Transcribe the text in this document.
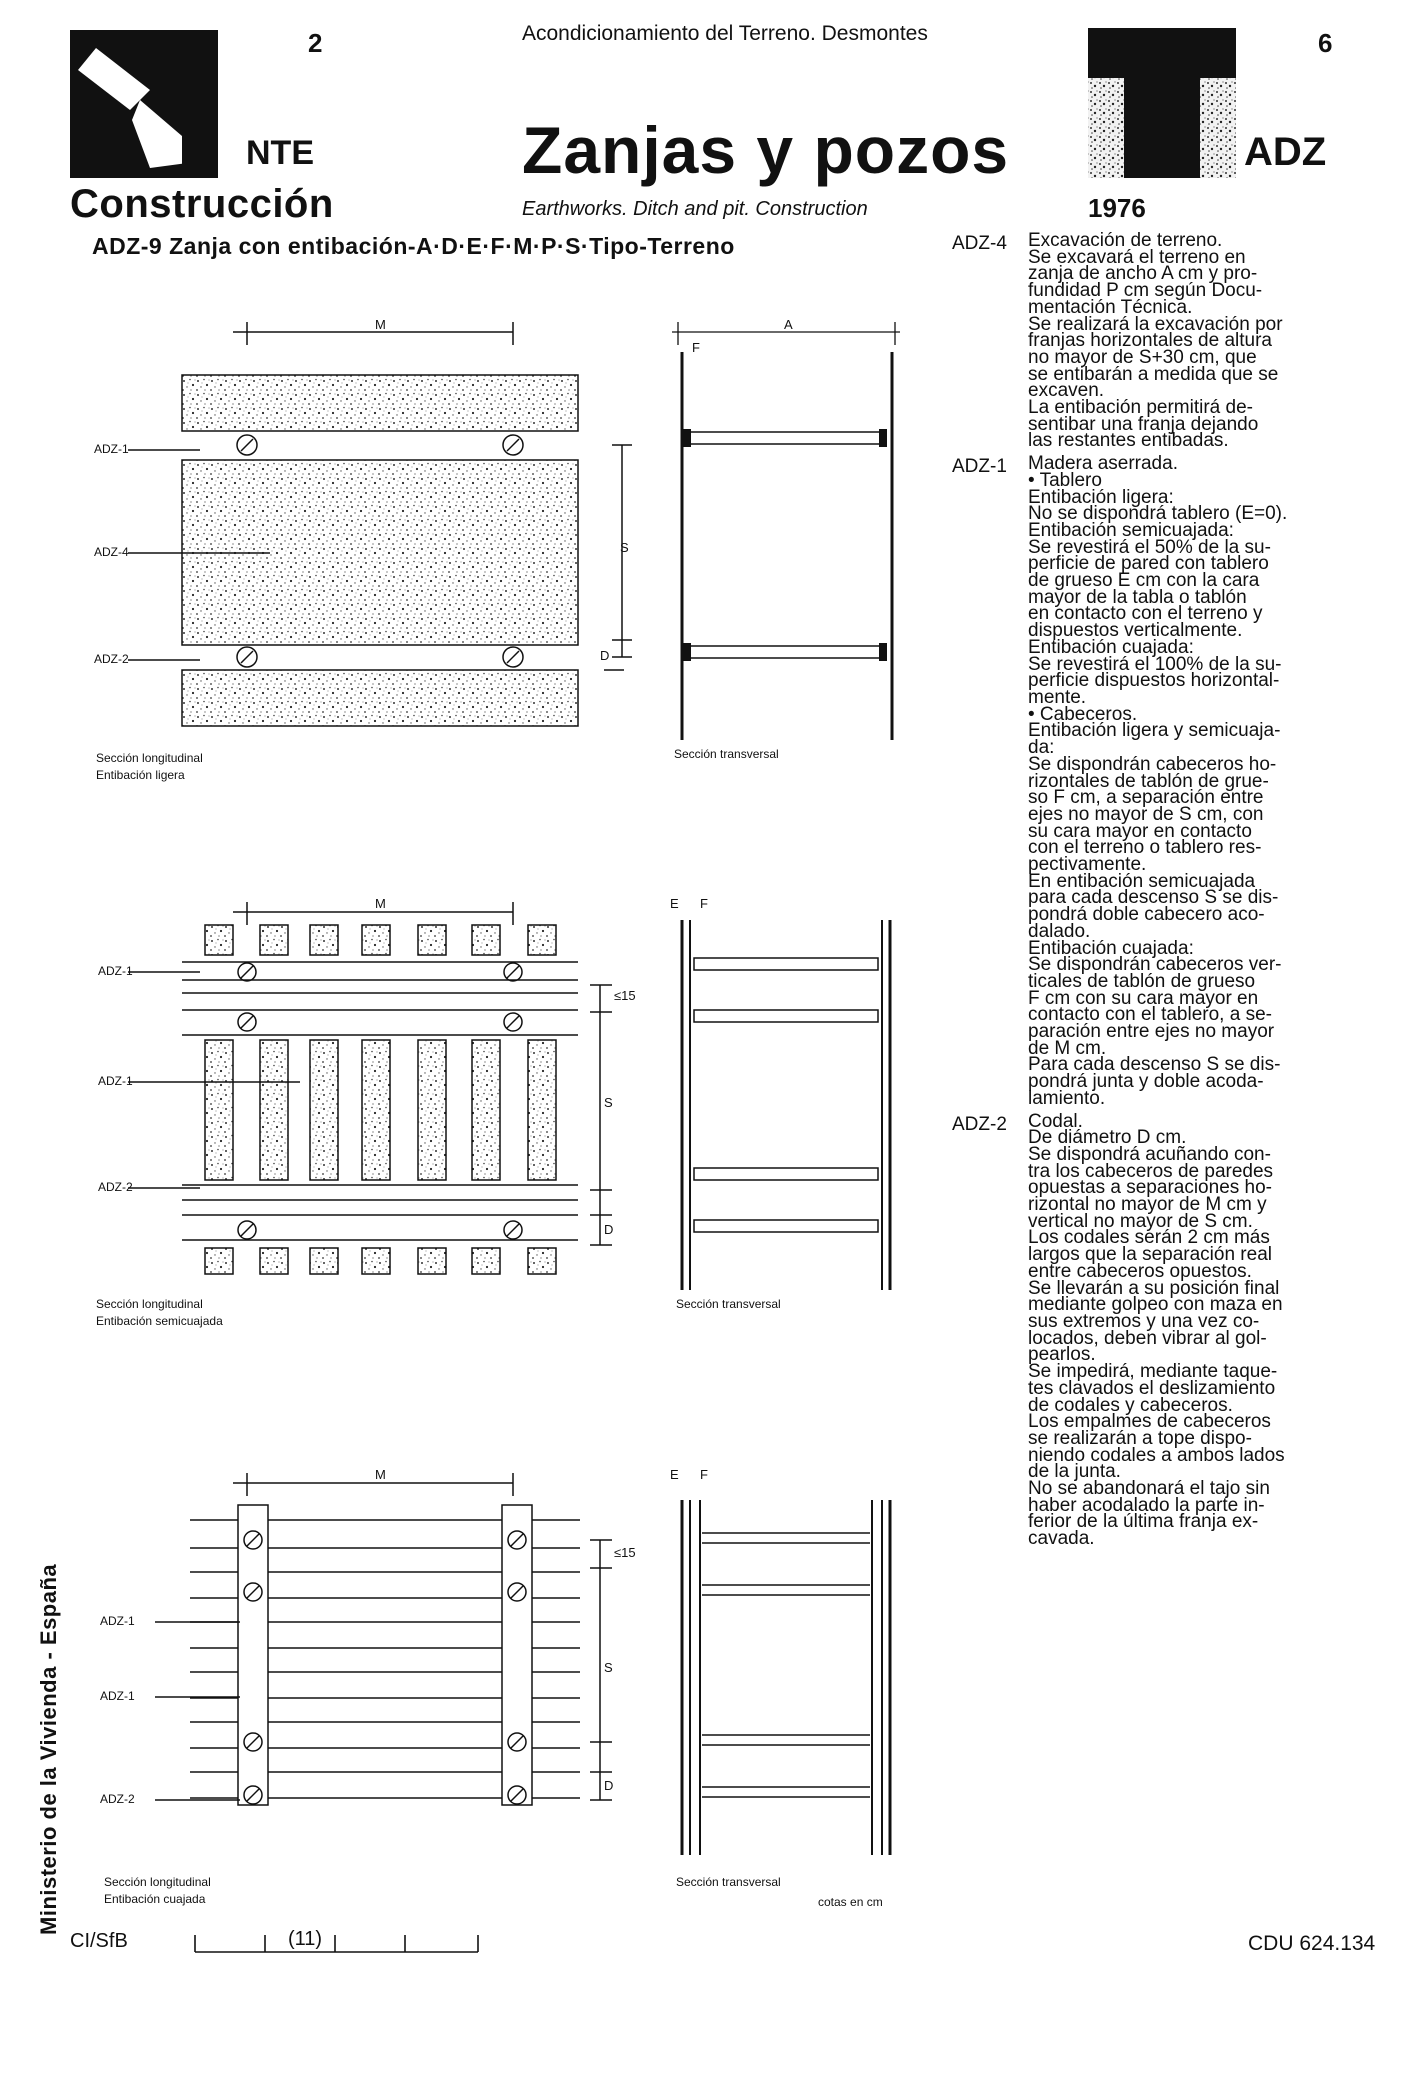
2	Acondicionamiento del Terreno. Desmontes	6
NTE
Construcción
Zanjas y pozos
Earthworks. Ditch and pit. Construction
ADZ
1976
ADZ-9 Zanja con entibación-A·D·E·F·M·P·S·Tipo-Terreno
M	A
F
S
D
ADZ-1
ADZ-4
ADZ-2
Sección longitudinal
Entibación ligera
Sección transversal
M	E F
≤15
S
D
ADZ-1
ADZ-1
ADZ-2
Sección longitudinal
Entibación semicuajada
Sección transversal
M	E F
≤15
S
D
ADZ-1
ADZ-1
ADZ-2
Sección longitudinal
Entibación cuajada
Sección transversal
cotas en cm
ADZ-4	Excavación de terreno.
Se excavará el terreno en
zanja de ancho A cm y pro-
fundidad P cm según Docu-
mentación Técnica.
Se realizará la excavación por
franjas horizontales de altura
no mayor de S+30 cm, que
se entibarán a medida que se
excaven.
La entibación permitirá de-
sentibar una franja dejando
las restantes entibadas.
ADZ-1	Madera aserrada.
• Tablero
Entibación ligera:
No se dispondrá tablero (E=0).
Entibación semicuajada:
Se revestirá el 50% de la su-
perficie de pared con tablero
de grueso E cm con la cara
mayor de la tabla o tablón
en contacto con el terreno y
dispuestos verticalmente.
Entibación cuajada:
Se revestirá el 100% de la su-
perficie dispuestos horizontal-
mente.
• Cabeceros.
Entibación ligera y semicuaja-
da:
Se dispondrán cabeceros ho-
rizontales de tablón de grue-
so F cm, a separación entre
ejes no mayor de S cm, con
su cara mayor en contacto
con el terreno o tablero res-
pectivamente.
En entibación semicuajada
para cada descenso S se dis-
pondrá doble cabecero aco-
dalado.
Entibación cuajada:
Se dispondrán cabeceros ver-
ticales de tablón de grueso
F cm con su cara mayor en
contacto con el tablero, a se-
paración entre ejes no mayor
de M cm.
Para cada descenso S se dis-
pondrá junta y doble acoda-
lamiento.
ADZ-2	Codal.
De diámetro D cm.
Se dispondrá acuñando con-
tra los cabeceros de paredes
opuestas a separaciones ho-
rizontal no mayor de M cm y
vertical no mayor de S cm.
Los codales serán 2 cm más
largos que la separación real
entre cabeceros opuestos.
Se llevarán a su posición final
mediante golpeo con maza en
sus extremos y una vez co-
locados, deben vibrar al gol-
pearlos.
Se impedirá, mediante taque-
tes clavados el deslizamiento
de codales y cabeceros.
Los empalmes de cabeceros
se realizarán a tope dispo-
niendo codales a ambos lados
de la junta.
No se abandonará el tajo sin
haber acodalado la parte in-
ferior de la última franja ex-
cavada.
Ministerio de la Vivienda - España
CI/SfB	(11)	CDU 624.134
